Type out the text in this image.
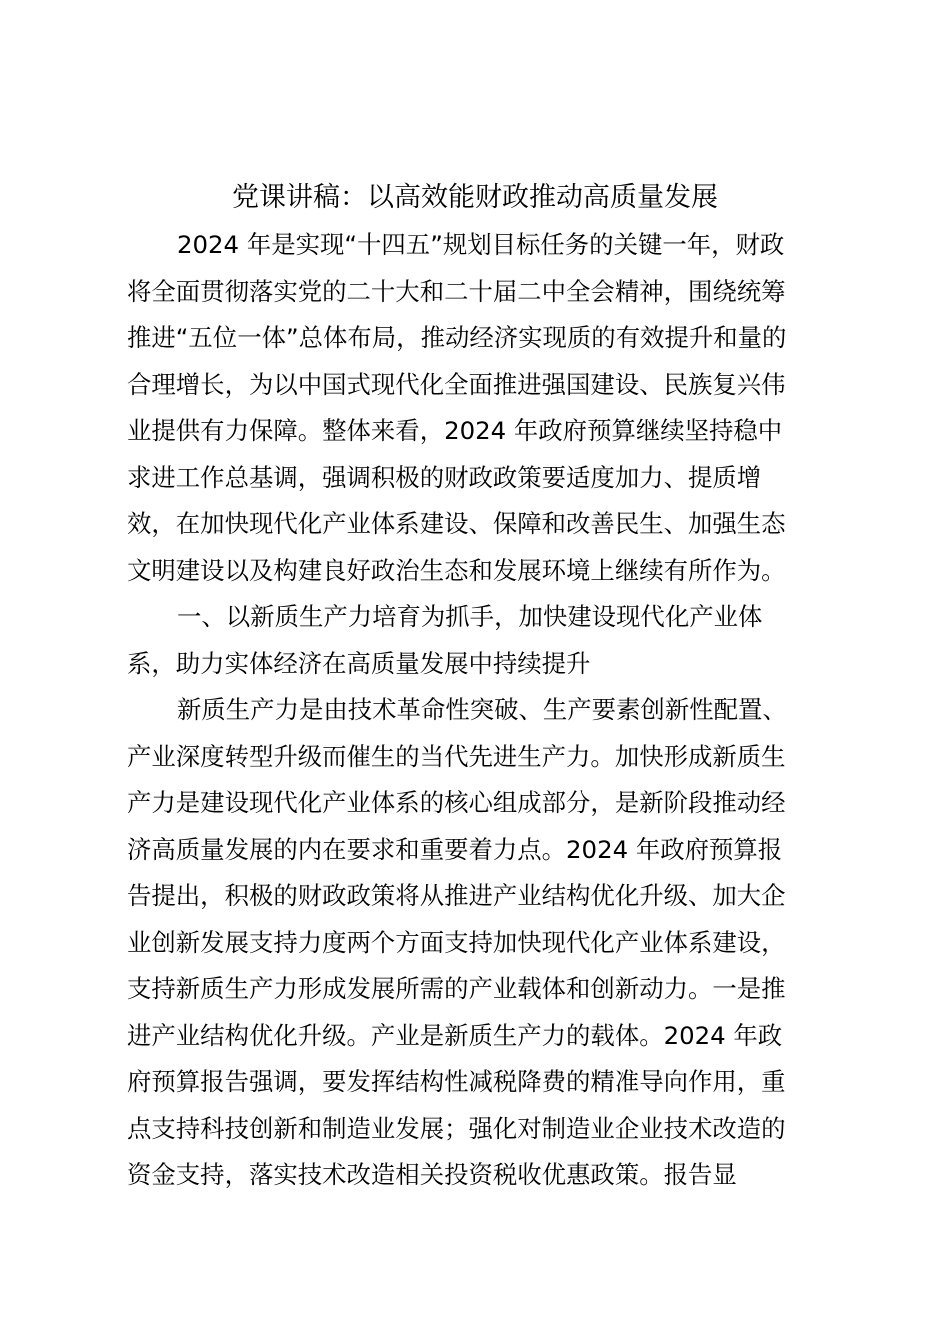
党课讲稿：以高效能财政推动高质量发展

2024 年是实现“十四五”规划目标任务的关键一年，财政
将全面贯彻落实党的二十大和二十届二中全会精神，围绕统筹
推进“五位一体”总体布局，推动经济实现质的有效提升和量的
合理增长，为以中国式现代化全面推进强国建设、民族复兴伟
业提供有力保障。整体来看，2024 年政府预算继续坚持稳中
求进工作总基调，强调积极的财政政策要适度加力、提质增
效，在加快现代化产业体系建设、保障和改善民生、加强生态
文明建设以及构建良好政治生态和发展环境上继续有所作为。

一、以新质生产力培育为抓手，加快建设现代化产业体
系，助力实体经济在高质量发展中持续提升

新质生产力是由技术革命性突破、生产要素创新性配置、
产业深度转型升级而催生的当代先进生产力。加快形成新质生
产力是建设现代化产业体系的核心组成部分，是新阶段推动经
济高质量发展的内在要求和重要着力点。2024 年政府预算报
告提出，积极的财政政策将从推进产业结构优化升级、加大企
业创新发展支持力度两个方面支持加快现代化产业体系建设，
支持新质生产力形成发展所需的产业载体和创新动力。一是推
进产业结构优化升级。产业是新质生产力的载体。2024 年政
府预算报告强调，要发挥结构性减税降费的精准导向作用，重
点支持科技创新和制造业发展；强化对制造业企业技术改造的
资金支持，落实技术改造相关投资税收优惠政策。报告显
